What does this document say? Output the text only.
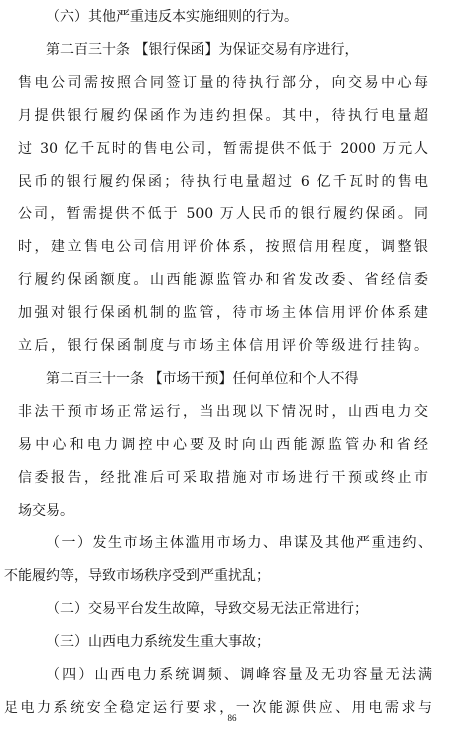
（六）其他严重违反本实施细则的行为。
第二百三十条 【银行保函】为保证交易有序进行，
售电公司需按照合同签订量的待执行部分，向交易中心每
月提供银行履约保函作为违约担保。其中，待执行电量超
过 30 亿千瓦时的售电公司，暂需提供不低于 2000 万元人
民币的银行履约保函；待执行电量超过 6 亿千瓦时的售电
公司，暂需提供不低于 500 万人民币的银行履约保函。同
时，建立售电公司信用评价体系，按照信用程度，调整银
行履约保函额度。山西能源监管办和省发改委、省经信委
加强对银行保函机制的监管，待市场主体信用评价体系建
立后，银行保函制度与市场主体信用评价等级进行挂钩。
第二百三十一条 【市场干预】任何单位和个人不得
非法干预市场正常运行，当出现以下情况时，山西电力交
易中心和电力调控中心要及时向山西能源监管办和省经
信委报告，经批准后可采取措施对市场进行干预或终止市
场交易。
（一）发生市场主体滥用市场力、串谋及其他严重违约、
不能履约等，导致市场秩序受到严重扰乱；
（二）交易平台发生故障，导致交易无法正常进行；
（三）山西电力系统发生重大事故；
（四）山西电力系统调频、调峰容量及无功容量无法满
足电力系统安全稳定运行要求，一次能源供应、用电需求与
86
